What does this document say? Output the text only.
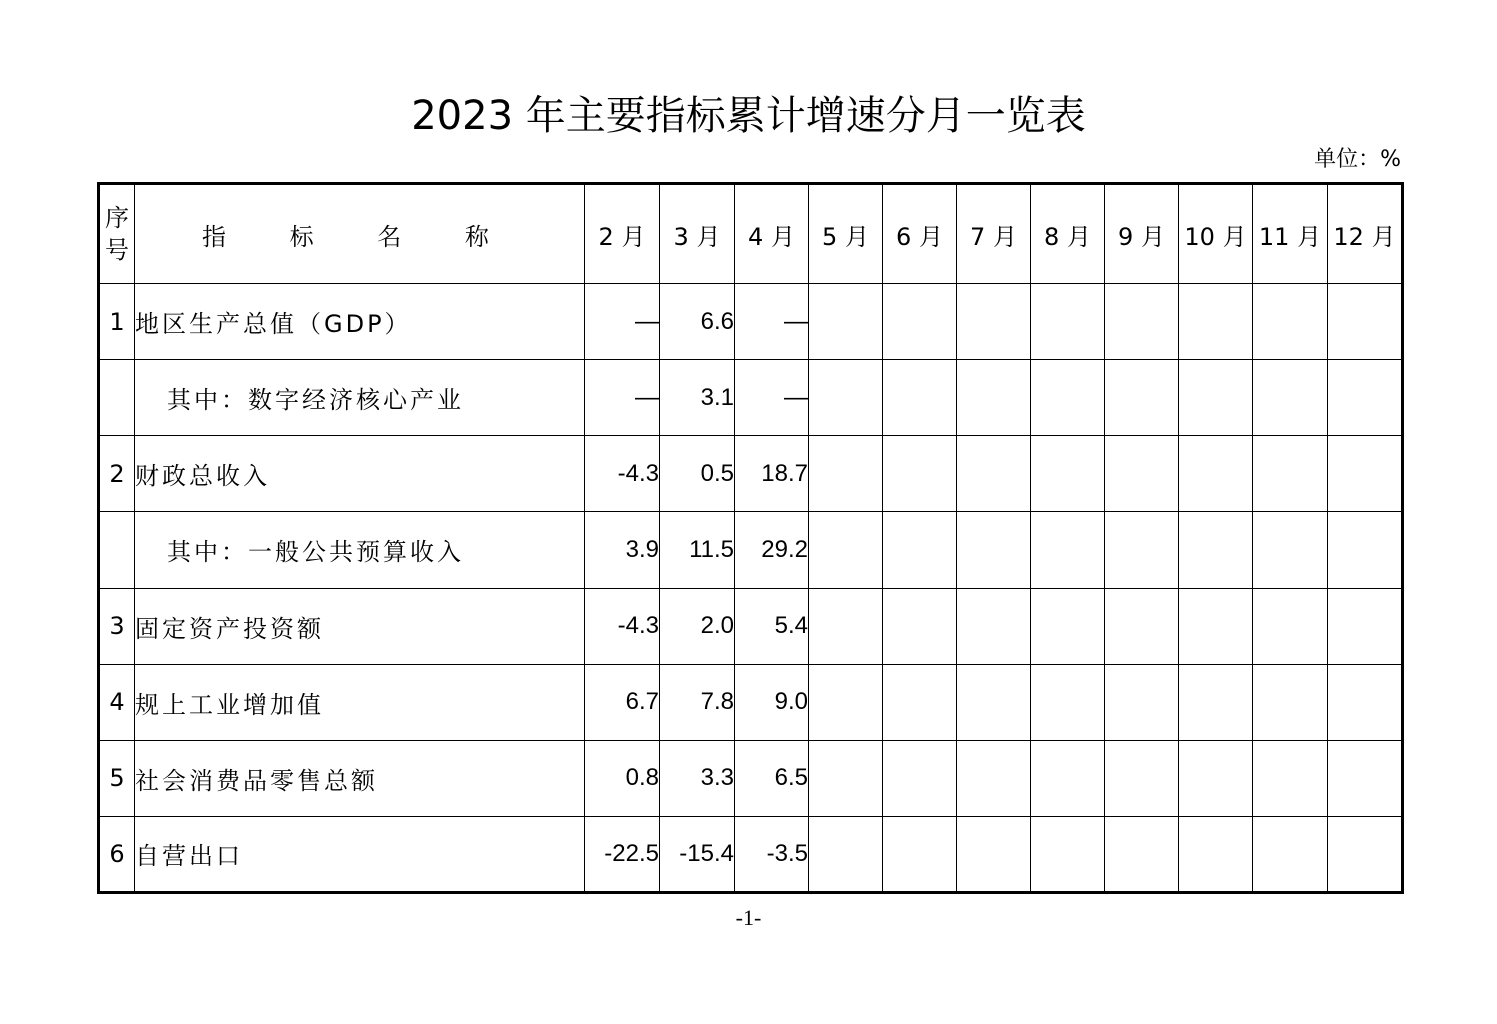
2023 年主要指标累计增速分月一览表
单位：%
序
号	指 标 名 称	2 月	3 月	4 月	5 月	6 月	7 月	8 月	9 月	10 月	11 月	12 月
1	地区生产总值（GDP）	—	6.6	—								
	其中：数字经济核心产业	—	3.1	—								
2	财政总收入	-4.3	0.5	18.7								
	其中：一般公共预算收入	3.9	11.5	29.2								
3	固定资产投资额	-4.3	2.0	5.4								
4	规上工业增加值	6.7	7.8	9.0								
5	社会消费品零售总额	0.8	3.3	6.5								
6	自营出口	-22.5	-15.4	-3.5								
-1-
